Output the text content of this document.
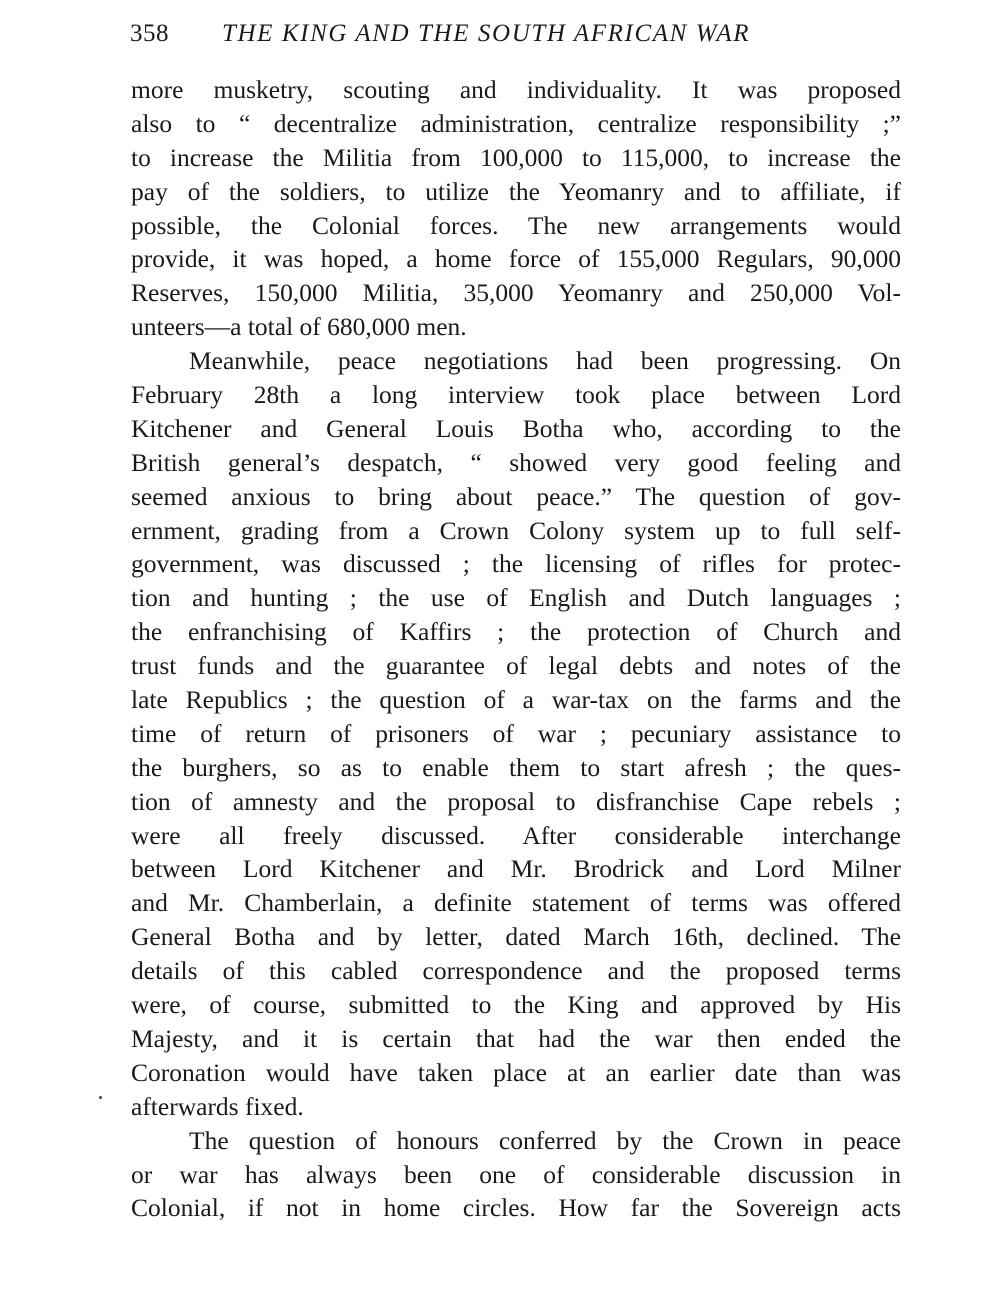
358 THE KING AND THE SOUTH AFRICAN WAR
more musketry, scouting and individuality. It was proposed
also to “ decentralize administration, centralize responsibility ;”
to increase the Militia from 100,000 to 115,000, to increase the
pay of the soldiers, to utilize the Yeomanry and to affiliate, if
possible, the Colonial forces. The new arrangements would
provide, it was hoped, a home force of 155,000 Regulars, 90,000
Reserves, 150,000 Militia, 35,000 Yeomanry and 250,000 Vol-
unteers—a total of 680,000 men.
Meanwhile, peace negotiations had been progressing. On
February 28th a long interview took place between Lord
Kitchener and General Louis Botha who, according to the
British general’s despatch, “ showed very good feeling and
seemed anxious to bring about peace.” The question of gov-
ernment, grading from a Crown Colony system up to full self-
government, was discussed ; the licensing of rifles for protec-
tion and hunting ; the use of English and Dutch languages ;
the enfranchising of Kaffirs ; the protection of Church and
trust funds and the guarantee of legal debts and notes of the
late Republics ; the question of a war-tax on the farms and the
time of return of prisoners of war ; pecuniary assistance to
the burghers, so as to enable them to start afresh ; the ques-
tion of amnesty and the proposal to disfranchise Cape rebels ;
were all freely discussed. After considerable interchange
between Lord Kitchener and Mr. Brodrick and Lord Milner
and Mr. Chamberlain, a definite statement of terms was offered
General Botha and by letter, dated March 16th, declined. The
details of this cabled correspondence and the proposed terms
were, of course, submitted to the King and approved by His
Majesty, and it is certain that had the war then ended the
Coronation would have taken place at an earlier date than was
afterwards fixed.
The question of honours conferred by the Crown in peace
or war has always been one of considerable discussion in
Colonial, if not in home circles. How far the Sovereign acts
